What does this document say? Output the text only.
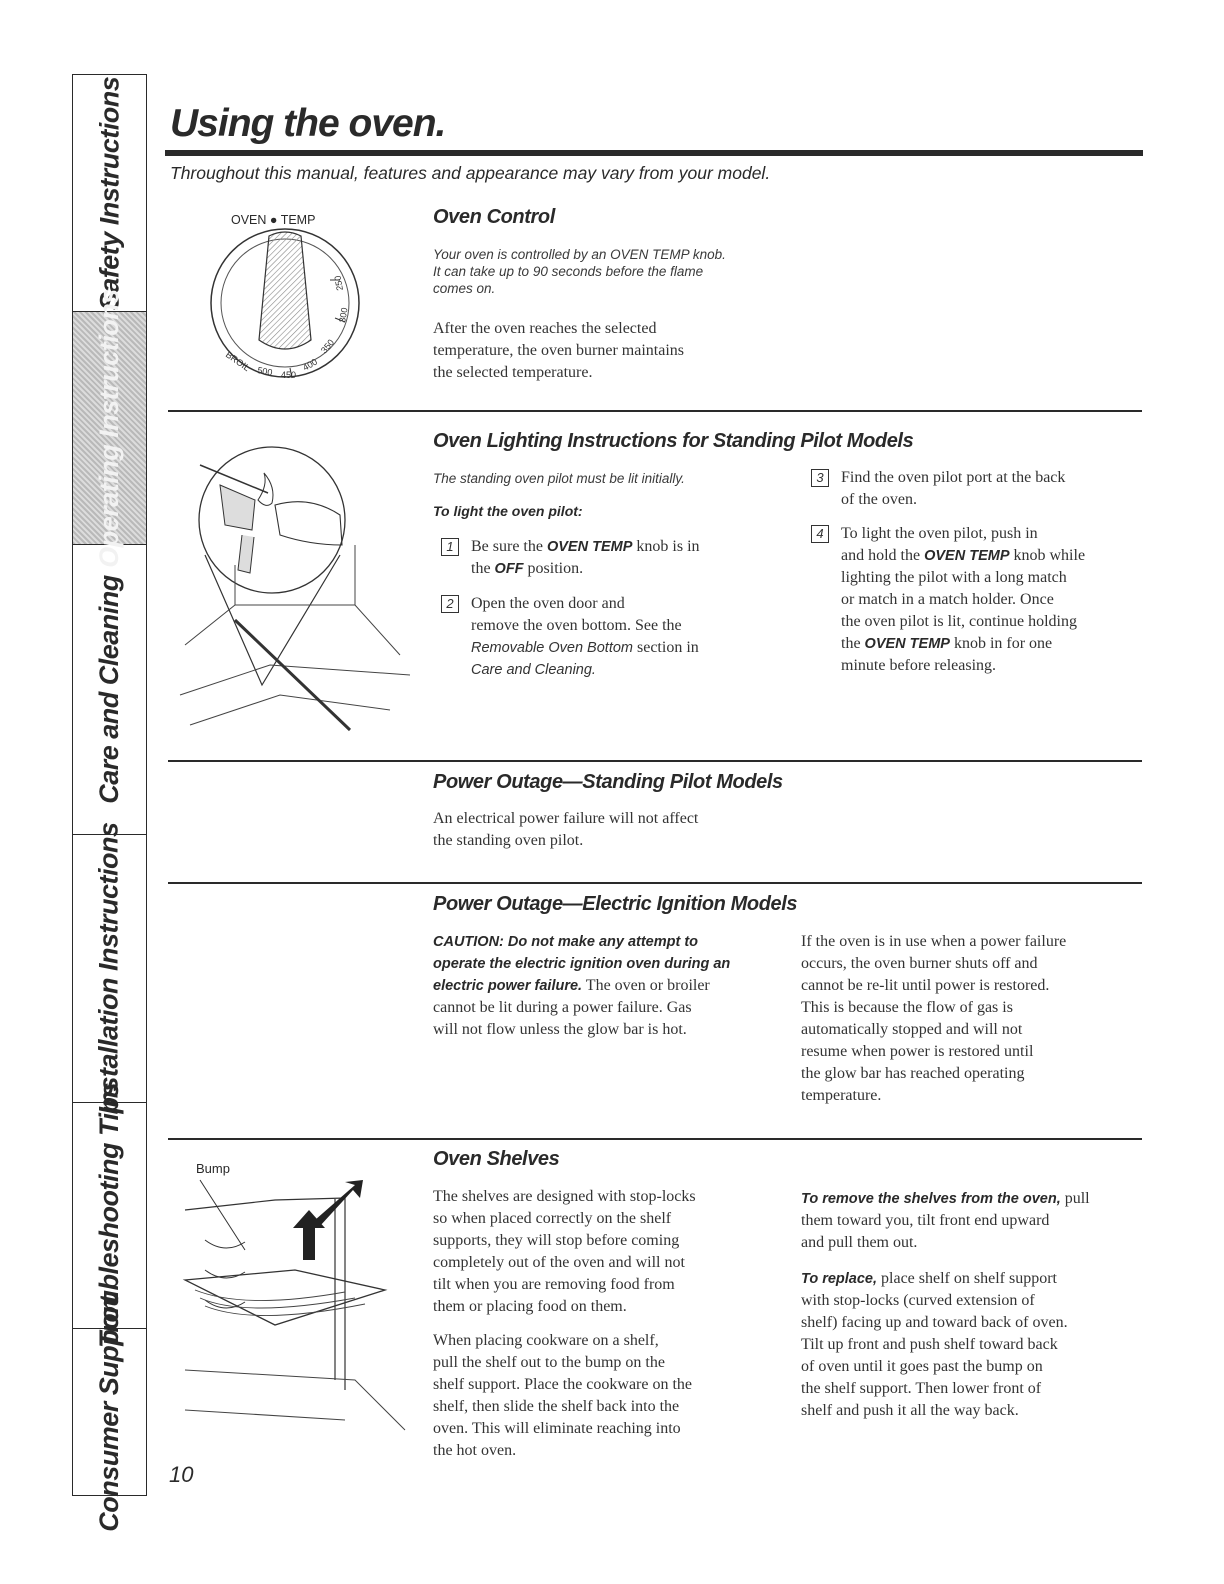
Safety Instructions
Operating Instructions
Care and Cleaning
Installation Instructions
Troubleshooting Tips
Consumer Support
Using the oven.
Throughout this manual, features and appearance may vary from your model.
OVEN ● TEMP
BROIL 500 450
400
350
300
250
Oven Control

Your oven is controlled by an OVEN TEMP knob.
It can take up to 90 seconds before the flame
comes on.

After the oven reaches the selected
temperature, the oven burner maintains
the selected temperature.

Oven Lighting Instructions for Standing Pilot Models

The standing oven pilot must be lit initially.

To light the oven pilot:

1	Be sure the OVEN TEMP knob is in
the OFF position.

2	Open the oven door and
remove the oven bottom. See the
Removable Oven Bottom section in
Care and Cleaning.

3	Find the oven pilot port at the back
of the oven.

4	To light the oven pilot, push in
and hold the OVEN TEMP knob while
lighting the pilot with a long match
or match in a match holder. Once
the oven pilot is lit, continue holding
the OVEN TEMP knob in for one
minute before releasing.

Power Outage—Standing Pilot Models

An electrical power failure will not affect
the standing oven pilot.

Power Outage—Electric Ignition Models

CAUTION: Do not make any attempt to
operate the electric ignition oven during an
electric power failure. The oven or broiler
cannot be lit during a power failure. Gas
will not flow unless the glow bar is hot.

If the oven is in use when a power failure
occurs, the oven burner shuts off and
cannot be re-lit until power is restored.
This is because the flow of gas is
automatically stopped and will not
resume when power is restored until
the glow bar has reached operating
temperature.

Bump	Oven Shelves

The shelves are designed with stop-locks
so when placed correctly on the shelf
supports, they will stop before coming
completely out of the oven and will not
tilt when you are removing food from
them or placing food on them.

When placing cookware on a shelf,
pull the shelf out to the bump on the
shelf support. Place the cookware on the
shelf, then slide the shelf back into the
oven. This will eliminate reaching into
the hot oven.

To remove the shelves from the oven, pull
them toward you, tilt front end upward
and pull them out.

To replace, place shelf on shelf support
with stop-locks (curved extension of
shelf) facing up and toward back of oven.
Tilt up front and push shelf toward back
of oven until it goes past the bump on
the shelf support. Then lower front of
shelf and push it all the way back.

10
